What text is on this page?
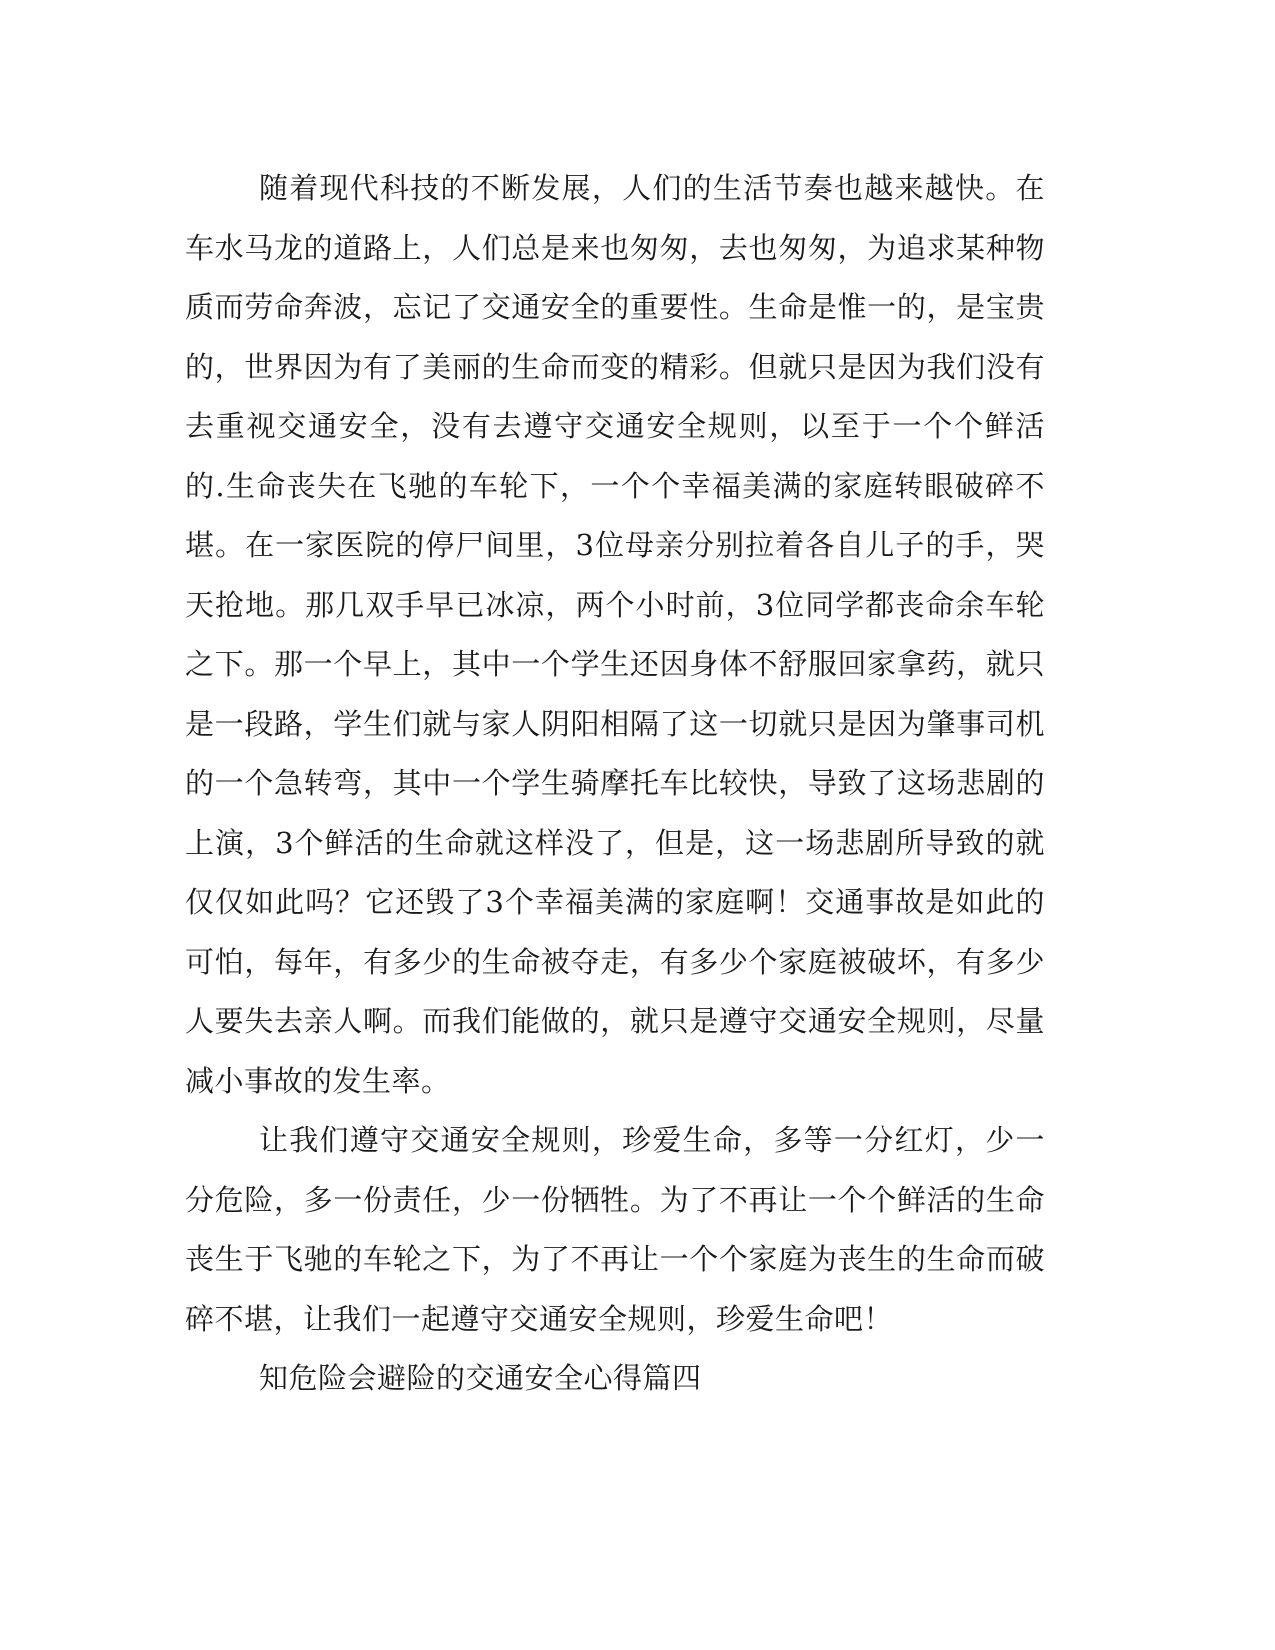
随着现代科技的不断发展，人们的生活节奏也越来越快。在车水马龙的道路上，人们总是来也匆匆，去也匆匆，为追求某种物质而劳命奔波，忘记了交通安全的重要性。生命是惟一的，是宝贵的，世界因为有了美丽的生命而变的精彩。但就只是因为我们没有去重视交通安全，没有去遵守交通安全规则，以至于一个个鲜活的.生命丧失在飞驰的车轮下，一个个幸福美满的家庭转眼破碎不堪。在一家医院的停尸间里，3位母亲分别拉着各自儿子的手，哭天抢地。那几双手早已冰凉，两个小时前，3位同学都丧命余车轮之下。那一个早上，其中一个学生还因身体不舒服回家拿药，就只是一段路，学生们就与家人阴阳相隔了这一切就只是因为肇事司机的一个急转弯，其中一个学生骑摩托车比较快，导致了这场悲剧的上演，3个鲜活的生命就这样没了，但是，这一场悲剧所导致的就仅仅如此吗？它还毁了3个幸福美满的家庭啊！交通事故是如此的可怕，每年，有多少的生命被夺走，有多少个家庭被破坏，有多少人要失去亲人啊。而我们能做的，就只是遵守交通安全规则，尽量减小事故的发生率。

让我们遵守交通安全规则，珍爱生命，多等一分红灯，少一分危险，多一份责任，少一份牺牲。为了不再让一个个鲜活的生命丧生于飞驰的车轮之下，为了不再让一个个家庭为丧生的生命而破碎不堪，让我们一起遵守交通安全规则，珍爱生命吧！

知危险会避险的交通安全心得篇四
